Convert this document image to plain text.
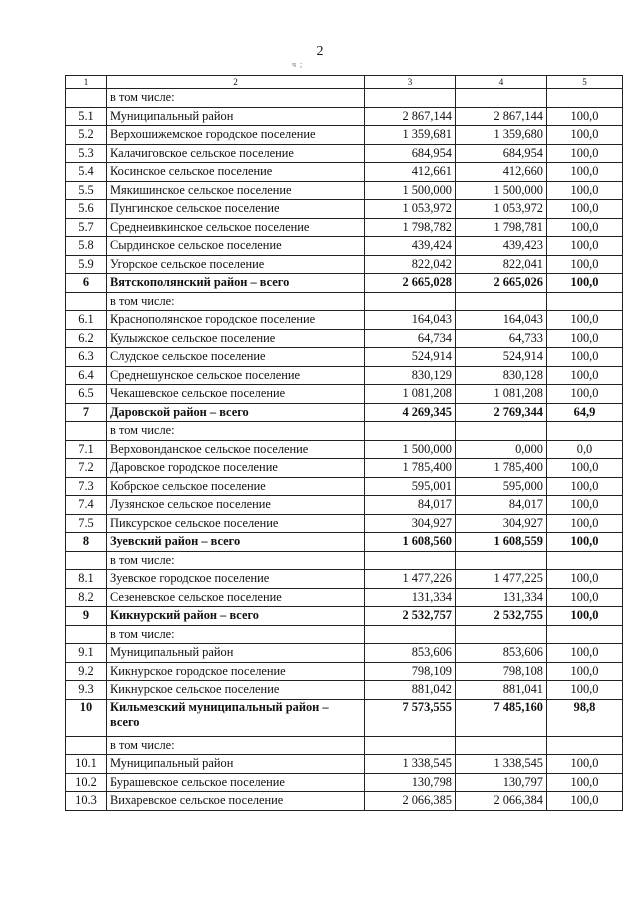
2
ч ;
1	2	3	4	5
	в том числе:			
5.1	Муниципальный район	2 867,144	2 867,144	100,0
5.2	Верхошижемское городское поселение	1 359,681	1 359,680	100,0
5.3	Калачиговское сельское поселение	684,954	684,954	100,0
5.4	Косинское сельское поселение	412,661	412,660	100,0
5.5	Мякишинское сельское поселение	1 500,000	1 500,000	100,0
5.6	Пунгинское сельское поселение	1 053,972	1 053,972	100,0
5.7	Среднеивкинское сельское поселение	1 798,782	1 798,781	100,0
5.8	Сырдинское сельское поселение	439,424	439,423	100,0
5.9	Угорское сельское поселение	822,042	822,041	100,0
6	Вятскополянский район – всего	2 665,028	2 665,026	100,0
	в том числе:			
6.1	Краснополянское городское поселение	164,043	164,043	100,0
6.2	Кулыжское сельское поселение	64,734	64,733	100,0
6.3	Слудское сельское поселение	524,914	524,914	100,0
6.4	Среднешунское сельское поселение	830,129	830,128	100,0
6.5	Чекашевское сельское поселение	1 081,208	1 081,208	100,0
7	Даровской район – всего	4 269,345	2 769,344	64,9
	в том числе:			
7.1	Верховонданское сельское поселение	1 500,000	0,000	0,0
7.2	Даровское городское поселение	1 785,400	1 785,400	100,0
7.3	Кобрское сельское поселение	595,001	595,000	100,0
7.4	Лузянское сельское поселение	84,017	84,017	100,0
7.5	Пиксурское сельское поселение	304,927	304,927	100,0
8	Зуевский район – всего	1 608,560	1 608,559	100,0
	в том числе:			
8.1	Зуевское городское поселение	1 477,226	1 477,225	100,0
8.2	Сезеневское сельское поселение	131,334	131,334	100,0
9	Кикнурский район – всего	2 532,757	2 532,755	100,0
	в том числе:			
9.1	Муниципальный район	853,606	853,606	100,0
9.2	Кикнурское городское поселение	798,109	798,108	100,0
9.3	Кикнурское сельское поселение	881,042	881,041	100,0
10	Кильмезский муниципальный район – всего	7 573,555	7 485,160	98,8
	в том числе:			
10.1	Муниципальный район	1 338,545	1 338,545	100,0
10.2	Бурашевское сельское поселение	130,798	130,797	100,0
10.3	Вихаревское сельское поселение	2 066,385	2 066,384	100,0
